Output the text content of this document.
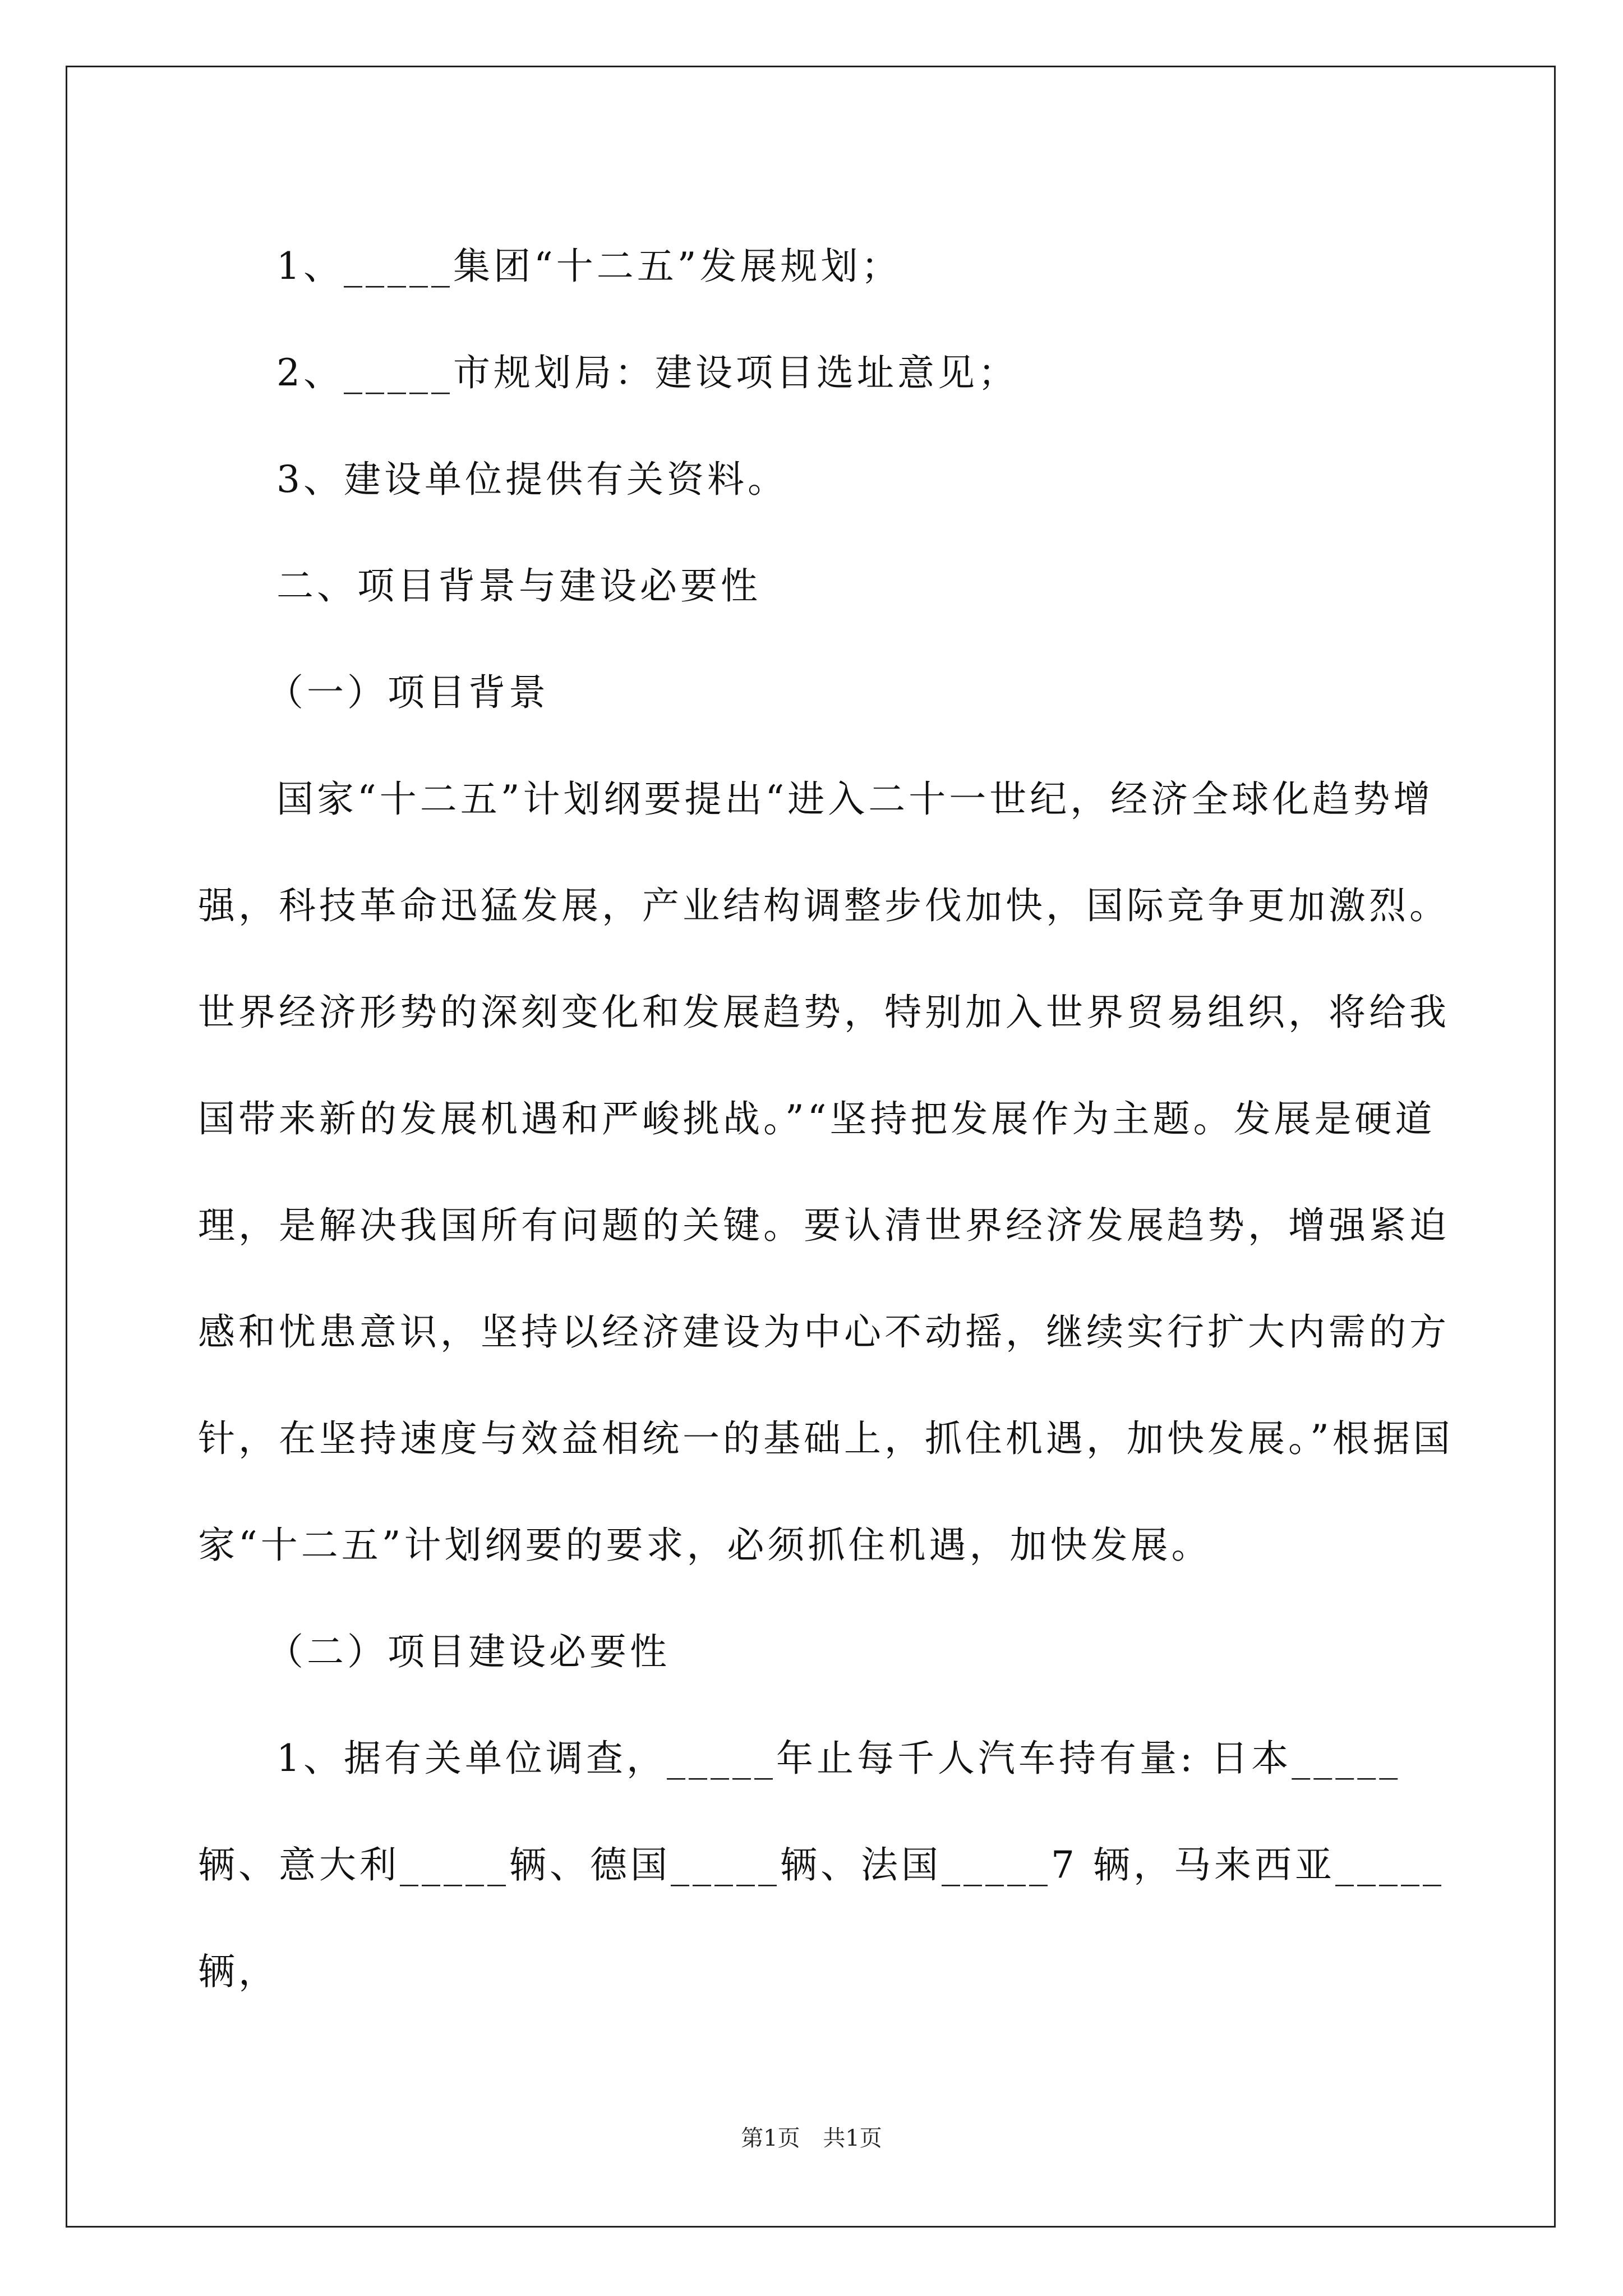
1、_____集团“十二五”发展规划；

2、_____市规划局：建设项目选址意见；

3、建设单位提供有关资料。

二、项目背景与建设必要性

（一）项目背景

国家“十二五”计划纲要提出“进入二十一世纪，经济全球化趋势增强，科技革命迅猛发展，产业结构调整步伐加快，国际竞争更加激烈。世界经济形势的深刻变化和发展趋势，特别加入世界贸易组织，将给我国带来新的发展机遇和严峻挑战。”“坚持把发展作为主题。发展是硬道理，是解决我国所有问题的关键。要认清世界经济发展趋势，增强紧迫感和忧患意识，坚持以经济建设为中心不动摇，继续实行扩大内需的方针，在坚持速度与效益相统一的基础上，抓住机遇，加快发展。”根据国家“十二五”计划纲要的要求，必须抓住机遇，加快发展。

（二）项目建设必要性

1、据有关单位调查，_____年止每千人汽车持有量: 日本_____辆、意大利_____辆、德国_____辆、法国_____7 辆，马来西亚_____辆，

第1页 共1页
